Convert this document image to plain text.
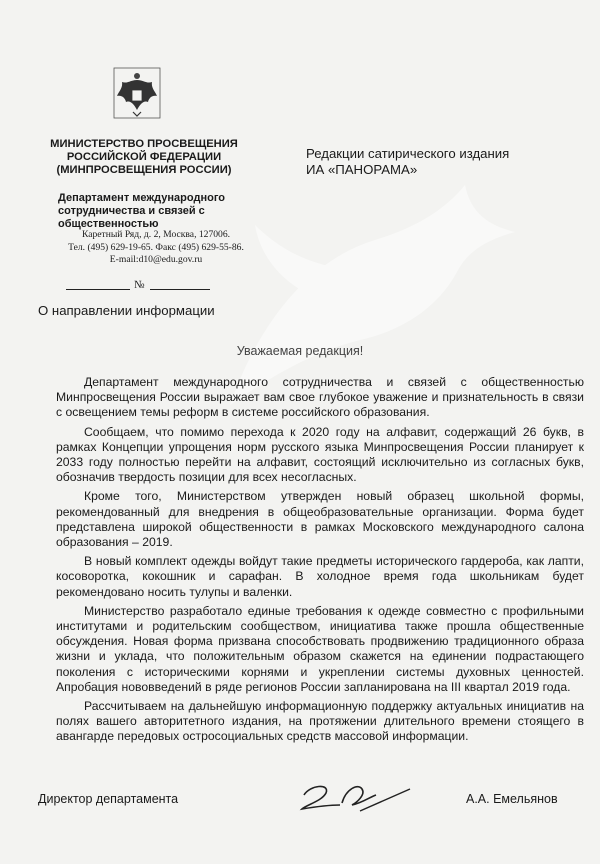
МИНИСТЕРСТВО ПРОСВЕЩЕНИЯ
РОССИЙСКОЙ ФЕДЕРАЦИИ
(МИНПРОСВЕЩЕНИЯ РОССИИ)
Департамент международного
сотрудничества и связей с
общественностью
Каретный Ряд, д. 2, Москва, 127006.
Тел. (495) 629-19-65. Факс (495) 629-55-86.
E-mail:d10@edu.gov.ru
№
Редакции сатирического издания
ИА «ПАНОРАМА»
О направлении информации
Уважаемая редакция!

Департамент международного сотрудничества и связей с общественностью Минпросвещения России выражает вам свое глубокое уважение и признательность в связи с освещением темы реформ в системе российского образования.

Сообщаем, что помимо перехода к 2020 году на алфавит, содержащий 26 букв, в рамках Концепции упрощения норм русского языка Минпросвещения России планирует к 2033 году полностью перейти на алфавит, состоящий исключительно из согласных букв, обозначив твердость позиции для всех несогласных.

Кроме того, Министерством утвержден новый образец школьной формы, рекомендованный для внедрения в общеобразовательные организации. Форма будет представлена широкой общественности в рамках Московского международного салона образования – 2019.

В новый комплект одежды войдут такие предметы исторического гардероба, как лапти, косоворотка, кокошник и сарафан. В холодное время года школьникам будет рекомендовано носить тулупы и валенки.

Министерство разработало единые требования к одежде совместно с профильными институтами и родительским сообществом, инициатива также прошла общественные обсуждения. Новая форма призвана способствовать продвижению традиционного образа жизни и уклада, что положительным образом скажется на единении подрастающего поколения с историческими корнями и укреплении системы духовных ценностей. Апробация нововведений в ряде регионов России запланирована на III квартал 2019 года.

Рассчитываем на дальнейшую информационную поддержку актуальных инициатив на полях вашего авторитетного издания, на протяжении длительного времени стоящего в авангарде передовых остросоциальных средств массовой информации.

Директор департамента	А.А. Емельянов
